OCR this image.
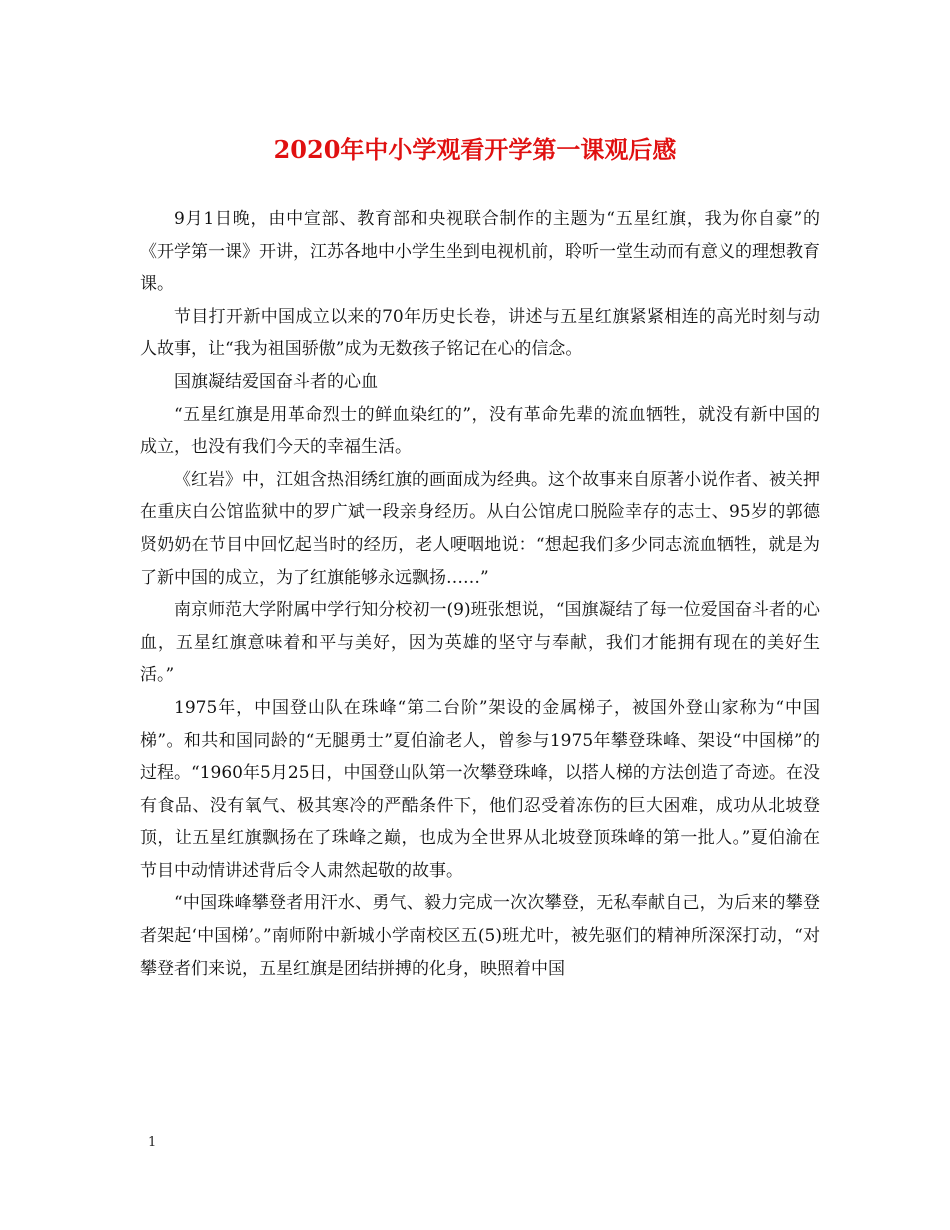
2020年中小学观看开学第一课观后感

9月1日晚，由中宣部、教育部和央视联合制作的主题为“五星红旗，我为你自豪”的《开学第一课》开讲，江苏各地中小学生坐到电视机前，聆听一堂生动而有意义的理想教育课。

节目打开新中国成立以来的70年历史长卷，讲述与五星红旗紧紧相连的高光时刻与动人故事，让“我为祖国骄傲”成为无数孩子铭记在心的信念。

国旗凝结爱国奋斗者的心血

“五星红旗是用革命烈士的鲜血染红的”，没有革命先辈的流血牺牲，就没有新中国的成立，也没有我们今天的幸福生活。

《红岩》中，江姐含热泪绣红旗的画面成为经典。这个故事来自原著小说作者、被关押在重庆白公馆监狱中的罗广斌一段亲身经历。从白公馆虎口脱险幸存的志士、95岁的郭德贤奶奶在节目中回忆起当时的经历，老人哽咽地说：“想起我们多少同志流血牺牲，就是为了新中国的成立，为了红旗能够永远飘扬……”

南京师范大学附属中学行知分校初一(9)班张想说，“国旗凝结了每一位爱国奋斗者的心血，五星红旗意味着和平与美好，因为英雄的坚守与奉献，我们才能拥有现在的美好生活。”

1975年，中国登山队在珠峰“第二台阶”架设的金属梯子，被国外登山家称为“中国梯”。和共和国同龄的“无腿勇士”夏伯渝老人，曾参与1975年攀登珠峰、架设“中国梯”的过程。“1960年5月25日，中国登山队第一次攀登珠峰，以搭人梯的方法创造了奇迹。在没有食品、没有氧气、极其寒冷的严酷条件下，他们忍受着冻伤的巨大困难，成功从北坡登顶，让五星红旗飘扬在了珠峰之巅，也成为全世界从北坡登顶珠峰的第一批人。”夏伯渝在节目中动情讲述背后令人肃然起敬的故事。

“中国珠峰攀登者用汗水、勇气、毅力完成一次次攀登，无私奉献自己，为后来的攀登者架起‘中国梯’。”南师附中新城小学南校区五(5)班尤叶，被先驱们的精神所深深打动，“对攀登者们来说，五星红旗是团结拼搏的化身，映照着中国

1
